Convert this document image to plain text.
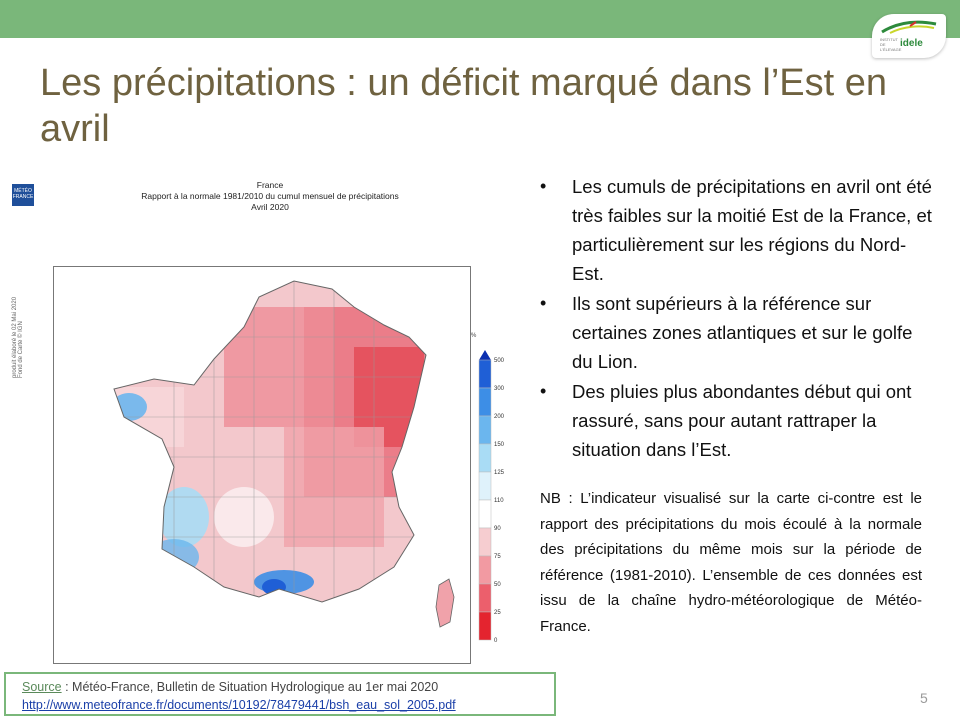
INSTITUT DE L'ÉLEVAGE
idele
Les précipitations : un déficit marqué dans l’Est en avril
MÉTÉO FRANCE
France
Rapport à la normale 1981/2010 du cumul mensuel de précipitations
Avril 2020
produit élaboré le 02 Mai 2020 Fond de Carte © IGN	%
500
300
200
150
125
110
90
75
50
25
0
• Les cumuls de précipitations en avril ont été très faibles sur la moitié Est de la France, et particulièrement sur les régions du Nord-Est.
• Ils sont supérieurs à la référence sur certaines zones atlantiques et sur le golfe du Lion.
• Des pluies plus abondantes début qui ont rassuré, sans pour autant rattraper la situation dans l’Est.

NB : L’indicateur visualisé sur la carte ci-contre est le rapport des précipitations du mois écoulé à la normale des précipitations du même mois sur la période de référence (1981-2010). L’ensemble de ces données est issu de la chaîne hydro-météorologique de Météo-France.

Source : Météo-France, Bulletin de Situation Hydrologique au 1er mai 2020
http://www.meteofrance.fr/documents/10192/78479441/bsh_eau_sol_2005.pdf	5
